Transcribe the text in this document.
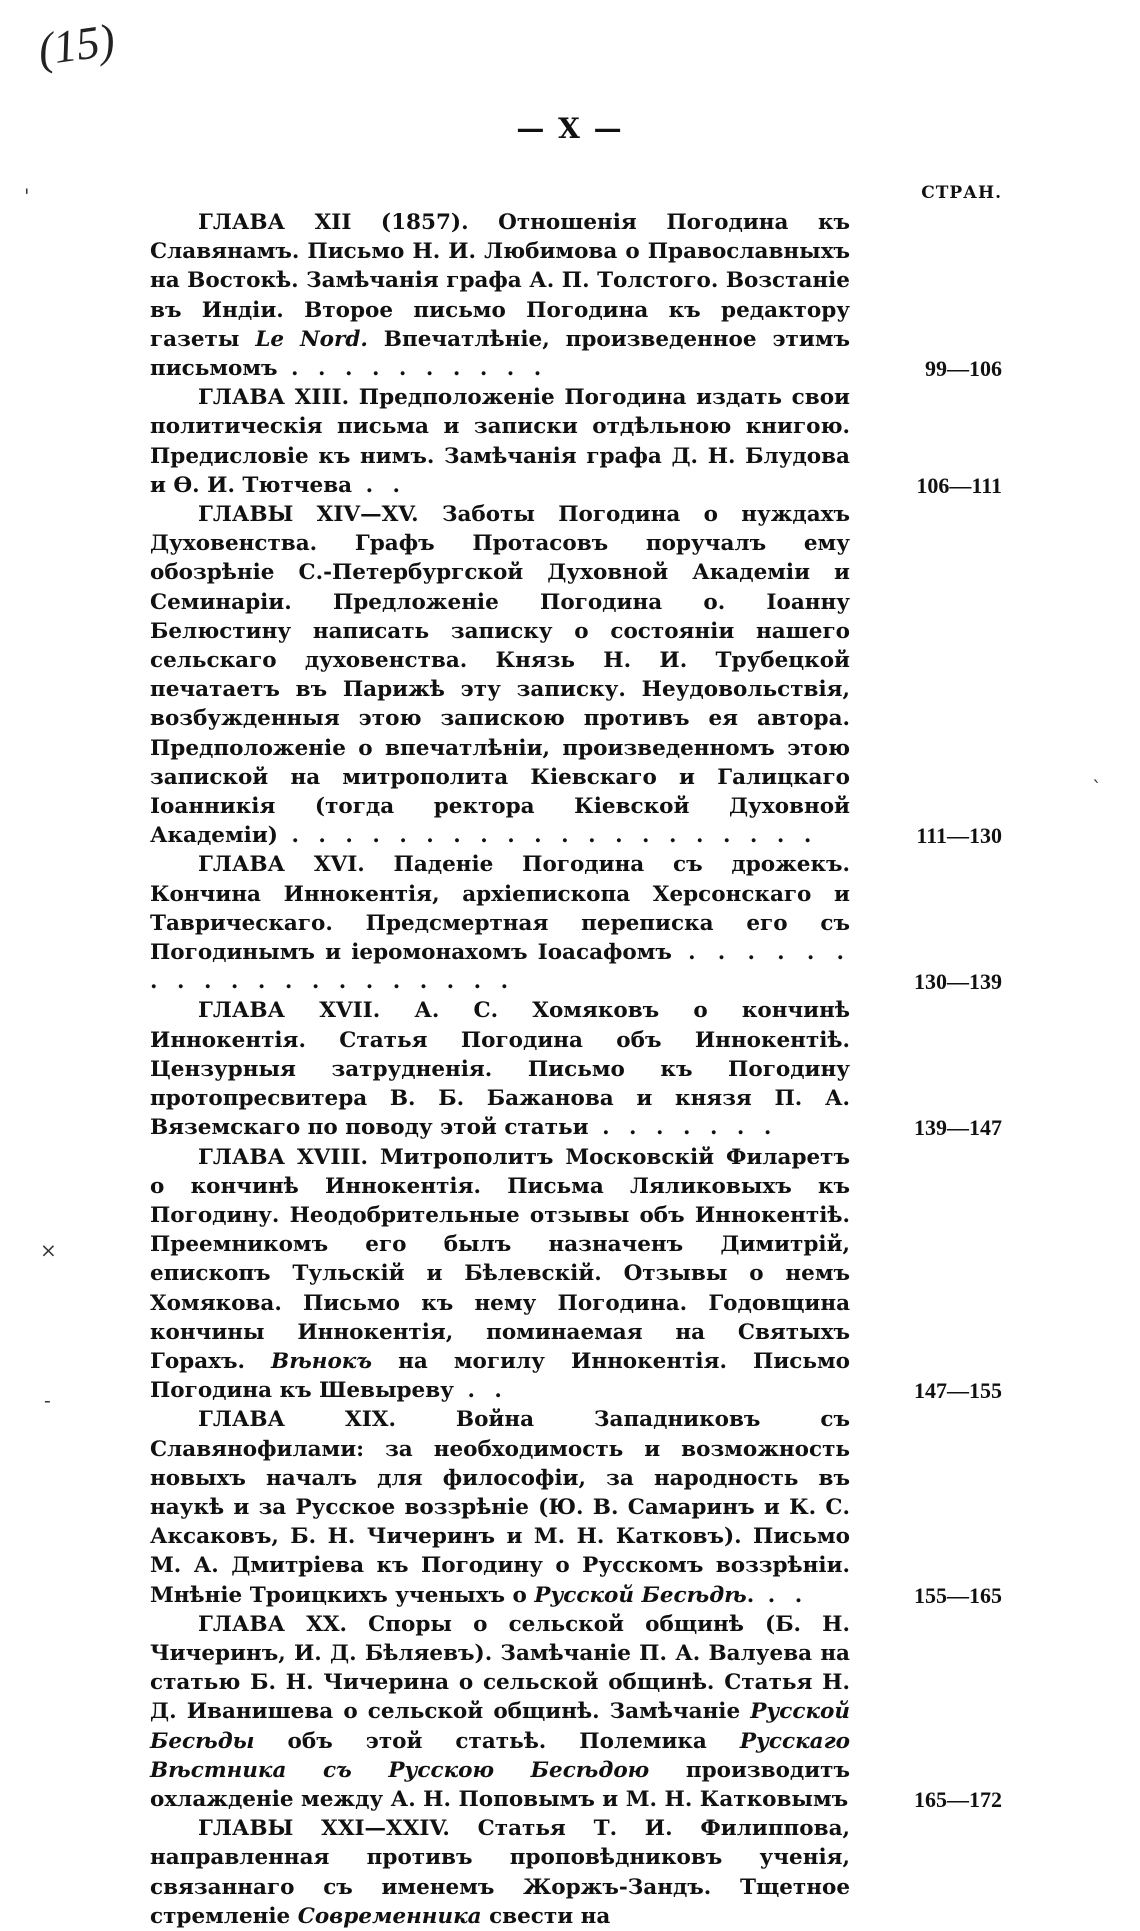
(15)
— X —
СТРАН.
'
`
×
-

ГЛАВА XII (1857). Отношенія Погодина къ Славянамъ. Письмо Н. И. Любимова о Православныхъ на Востокѣ. Замѣчанія графа А. П. Толстого. Возстаніе въ Индіи. Второе письмо Погодина къ редактору газеты Le Nord. Впечатлѣніе, произведенное этимъ письмомъ . . . . . . . . . .	99—106

ГЛАВА XIII. Предположеніе Погодина издать свои политическія письма и записки отдѣльною книгою. Предисловіе къ нимъ. Замѣчанія графа Д. Н. Блудова и Ѳ. И. Тютчева . .	106—111

ГЛАВЫ XIV—XV. Заботы Погодина о нуждахъ Духовенства. Графъ Протасовъ поручалъ ему обозрѣніе С.-Петербургской Духовной Академіи и Семинаріи. Предложеніе Погодина о. Іоанну Белюстину написать записку о состояніи нашего сельскаго духовенства. Князь Н. И. Трубецкой печатаетъ въ Парижѣ эту записку. Неудовольствія, возбужденныя этою запискою противъ ея автора. Предположеніе о впечатлѣніи, произведенномъ этою запиской на митрополита Кіевскаго и Галицкаго Іоанникія (тогда ректора Кіевской Духовной Академіи) . . . . . . . . . . . . . . . . . . . .	111—130

ГЛАВА XVI. Паденіе Погодина съ дрожекъ. Кончина Иннокентія, архіепископа Херсонскаго и Таврическаго. Предсмертная переписка его съ Погодинымъ и іеромонахомъ Іоасафомъ . . . . . . . . . . . . . . . . . . . .	130—139

ГЛАВА XVII. А. С. Хомяковъ о кончинѣ Иннокентія. Статья Погодина объ Иннокентіѣ. Цензурныя затрудненія. Письмо къ Погодину протопресвитера В. Б. Бажанова и князя П. А. Вяземскаго по поводу этой статьи . . . . . . .	139—147

ГЛАВА XVIII. Митрополитъ Московскій Филаретъ о кончинѣ Иннокентія. Письма Ляликовыхъ къ Погодину. Неодобрительные отзывы объ Иннокентіѣ. Преемникомъ его былъ назначенъ Димитрій, епископъ Тульскій и Бѣлевскій. Отзывы о немъ Хомякова. Письмо къ нему Погодина. Годовщина кончины Иннокентія, поминаемая на Святыхъ Горахъ. Вѣнокъ на могилу Иннокентія. Письмо Погодина къ Шевыреву . .	147—155

ГЛАВА XIX. Война Западниковъ съ Славянофилами: за необходимость и возможность новыхъ началъ для философіи, за народность въ наукѣ и за Русское воззрѣніе (Ю. В. Самаринъ и К. С. Аксаковъ, Б. Н. Чичеринъ и М. Н. Катковъ). Письмо М. А. Дмитріева къ Погодину о Русскомъ воззрѣніи. Мнѣніе Троицкихъ ученыхъ о Русской Бесѣдѣ. . .	155—165

ГЛАВА XX. Споры о сельской общинѣ (Б. Н. Чичеринъ, И. Д. Бѣляевъ). Замѣчаніе П. А. Валуева на статью Б. Н. Чичерина о сельской общинѣ. Статья Н. Д. Иванишева о сельской общинѣ. Замѣчаніе Русской Бесѣды объ этой статьѣ. Полемика Русскаго Вѣстника съ Русскою Бесѣдою производитъ охлажденіе между А. Н. Поповымъ и М. Н. Катковымъ	165—172

ГЛАВЫ XXI—XXIV. Статья Т. И. Филиппова, направленная противъ проповѣдниковъ ученія, связаннаго съ именемъ Жоржъ-Зандъ. Тщетное стремленіе Современника свести на
